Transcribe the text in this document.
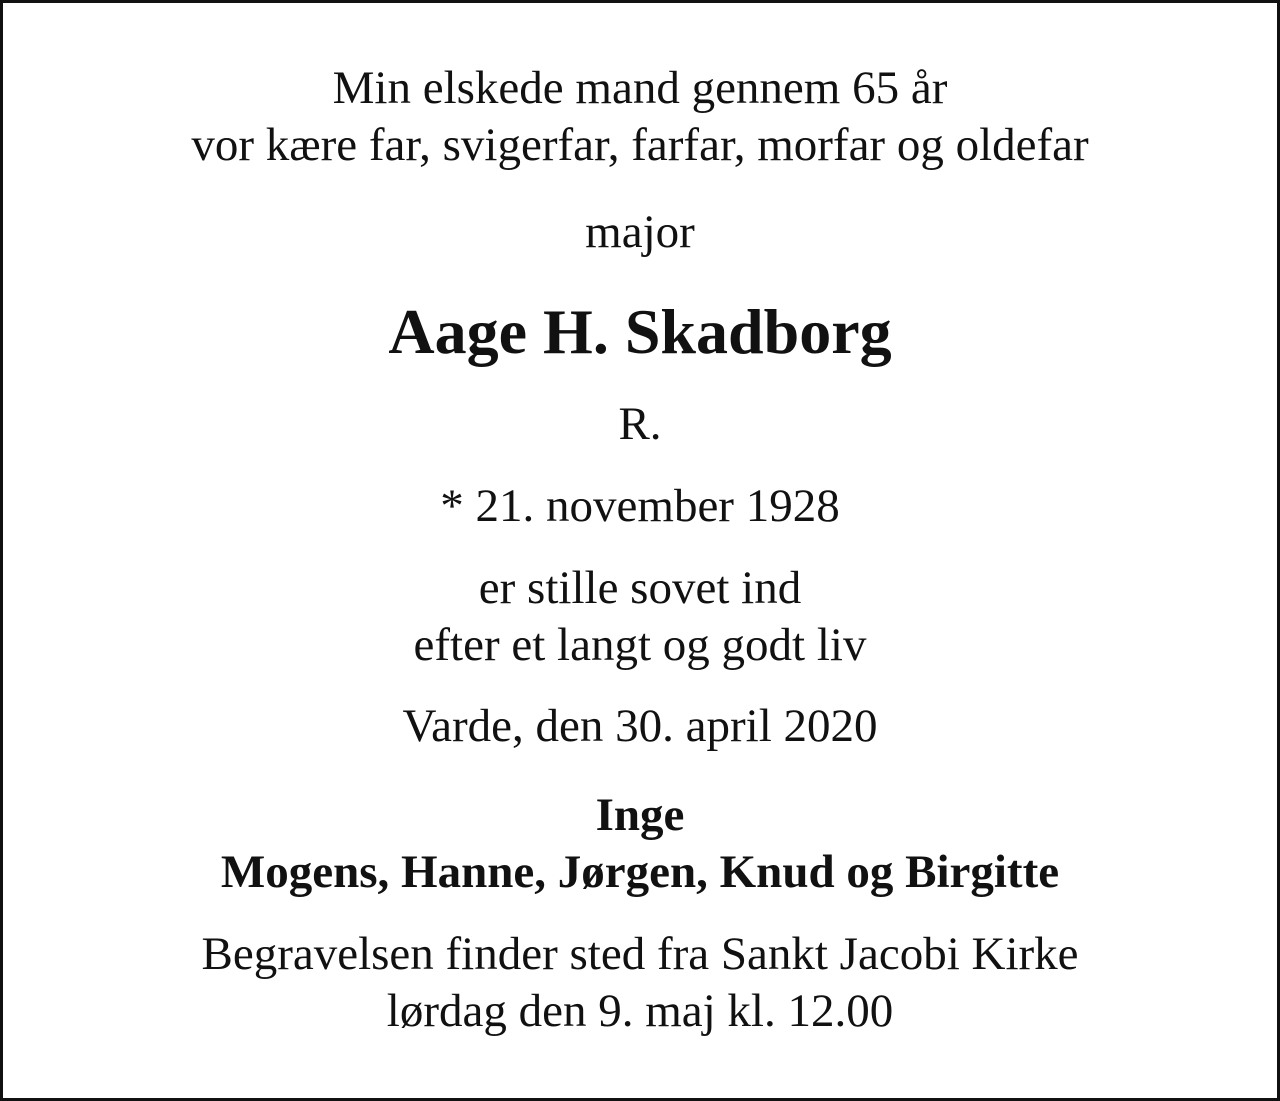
Min elskede mand gennem 65 år

vor kære far, svigerfar, farfar, morfar og oldefar

major

Aage H. Skadborg

R.

* 21. november 1928

er stille sovet ind

efter et langt og godt liv

Varde, den 30. april 2020

Inge

Mogens, Hanne, Jørgen, Knud og Birgitte

Begravelsen finder sted fra Sankt Jacobi Kirke

lørdag den 9. maj kl. 12.00
